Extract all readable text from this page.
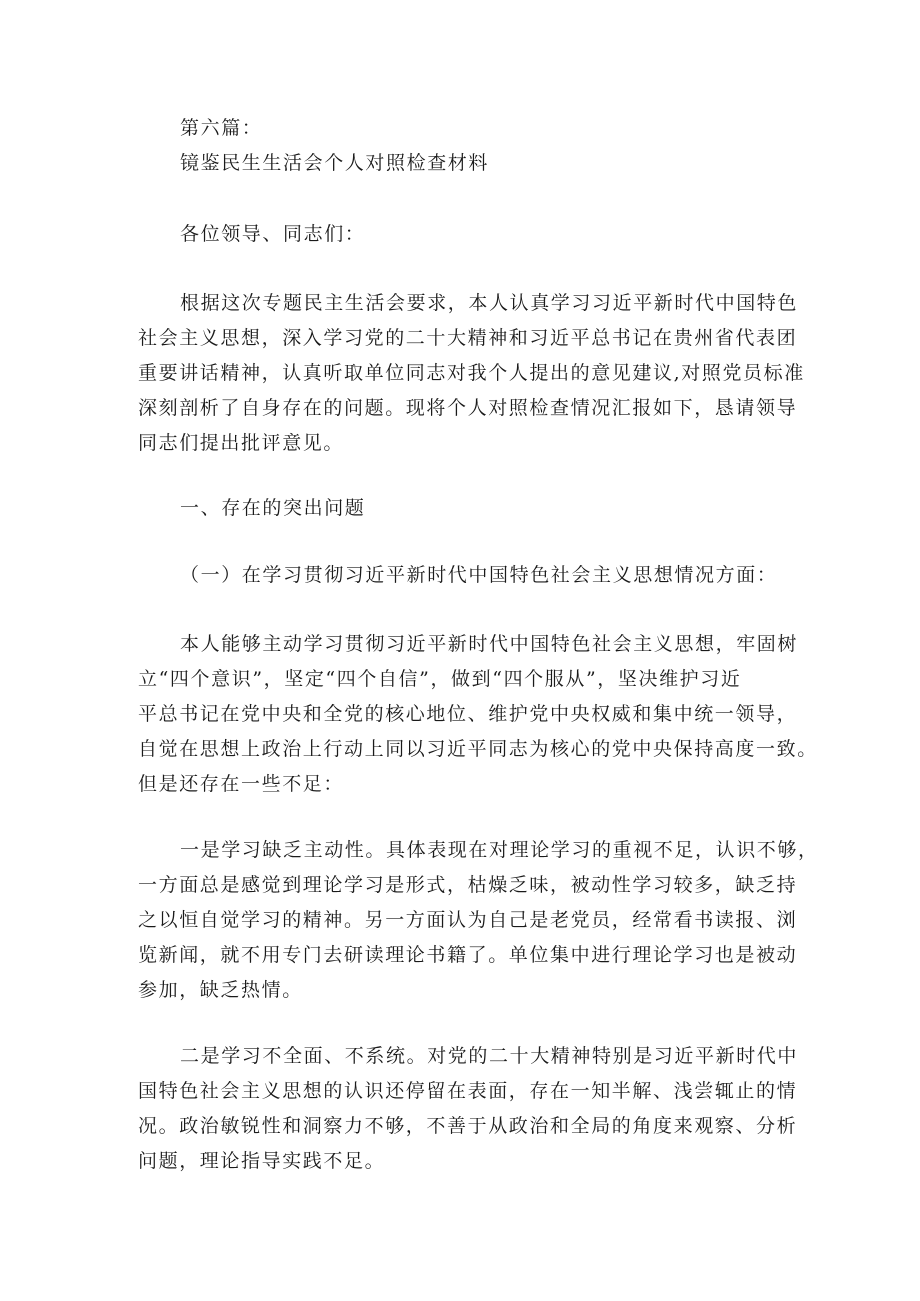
第六篇：
镜鉴民生生活会个人对照检查材料
各位领导、同志们：
根据这次专题民主生活会要求，本人认真学习习近平新时代中国特色
社会主义思想，深入学习党的二十大精神和习近平总书记在贵州省代表团
重要讲话精神，认真听取单位同志对我个人提出的意见建议,对照党员标准
深刻剖析了自身存在的问题。现将个人对照检查情况汇报如下，恳请领导
同志们提出批评意见。
一、存在的突出问题
（一）在学习贯彻习近平新时代中国特色社会主义思想情况方面：
本人能够主动学习贯彻习近平新时代中国特色社会主义思想，牢固树
立“四个意识”，坚定“四个自信”，做到“四个服从”，坚决维护习近
平总书记在党中央和全党的核心地位、维护党中央权威和集中统一领导，
自觉在思想上政治上行动上同以习近平同志为核心的党中央保持高度一致。
但是还存在一些不足：
一是学习缺乏主动性。具体表现在对理论学习的重视不足，认识不够，
一方面总是感觉到理论学习是形式，枯燥乏味，被动性学习较多，缺乏持
之以恒自觉学习的精神。另一方面认为自己是老党员，经常看书读报、浏
览新闻，就不用专门去研读理论书籍了。单位集中进行理论学习也是被动
参加，缺乏热情。
二是学习不全面、不系统。对党的二十大精神特别是习近平新时代中
国特色社会主义思想的认识还停留在表面，存在一知半解、浅尝辄止的情
况。政治敏锐性和洞察力不够，不善于从政治和全局的角度来观察、分析
问题，理论指导实践不足。
